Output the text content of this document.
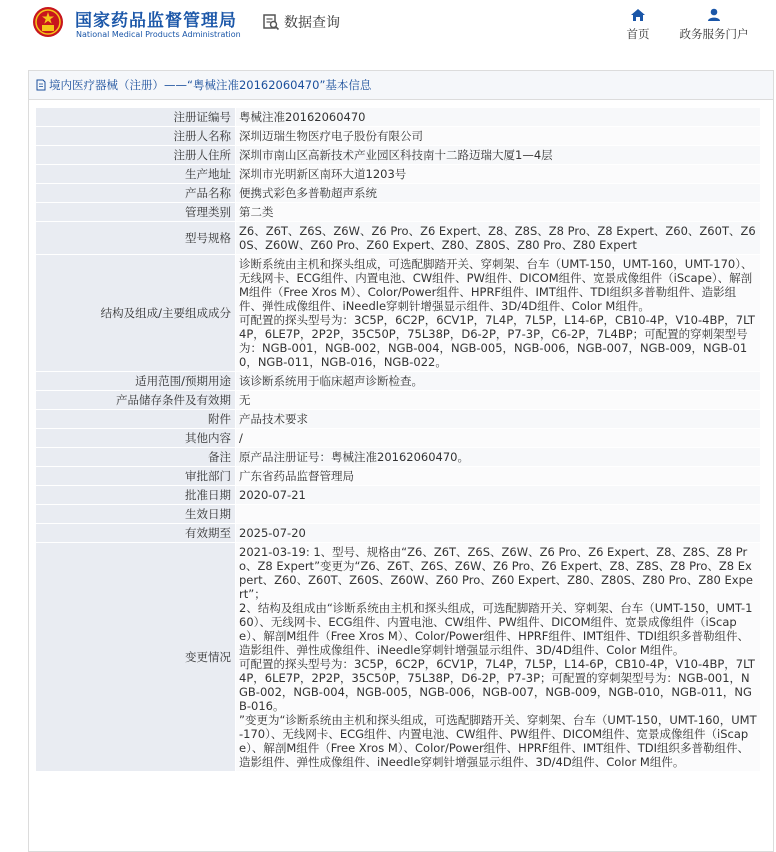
国家药品监督管理局
National Medical Products Administration
数据查询
首页	政务服务门户
境内医疗器械（注册）——“粤械注准20162060470”基本信息
注册证编号	粤械注准20162060470
注册人名称	深圳迈瑞生物医疗电子股份有限公司
注册人住所	深圳市南山区高新技术产业园区科技南十二路迈瑞大厦1—4层
生产地址	深圳市光明新区南环大道1203号
产品名称	便携式彩色多普勒超声系统
管理类别	第二类
型号规格	Z6、Z6T、Z6S、Z6W、Z6 Pro、Z6 Expert、Z8、Z8S、Z8 Pro、Z8 Expert、Z60、Z60T、Z60S、Z60W、Z60 Pro、Z60 Expert、Z80、Z80S、Z80 Pro、Z80 Expert
结构及组成/主要组成成分	诊断系统由主机和探头组成，可选配脚踏开关、穿刺架、台车（UMT-150，UMT-160，UMT-170）、无线网卡、ECG组件、内置电池、CW组件、PW组件、DICOM组件、宽景成像组件（iScape）、解剖M组件（Free Xros M）、Color/Power组件、HPRF组件、IMT组件、TDI组织多普勒组件、造影组件、弹性成像组件、iNeedle穿刺针增强显示组件、3D/4D组件、Color M组件。
可配置的探头型号为：3C5P，6C2P，6CV1P，7L4P，7L5P，L14-6P，CB10-4P，V10-4BP，7LT4P，6LE7P，2P2P，35C50P，75L38P，D6-2P，P7-3P，C6-2P，7L4BP；可配置的穿刺架型号为：NGB-001，NGB-002，NGB-004，NGB-005，NGB-006，NGB-007，NGB-009，NGB-010，NGB-011，NGB-016，NGB-022。
适用范围/预期用途	该诊断系统用于临床超声诊断检查。
产品储存条件及有效期	无
附件	产品技术要求
其他内容	/
备注	原产品注册证号：粤械注准20162060470。
审批部门	广东省药品监督管理局
批准日期	2020-07-21
生效日期	
有效期至	2025-07-20
变更情况	2021-03-19: 1、型号、规格由“Z6、Z6T、Z6S、Z6W、Z6 Pro、Z6 Expert、Z8、Z8S、Z8 Pro、Z8 Expert”变更为“Z6、Z6T、Z6S、Z6W、Z6 Pro、Z6 Expert、Z8、Z8S、Z8 Pro、Z8 Expert、Z60、Z60T、Z60S、Z60W、Z60 Pro、Z60 Expert、Z80、Z80S、Z80 Pro、Z80 Expert”；
2、结构及组成由“诊断系统由主机和探头组成，可选配脚踏开关、穿刺架、台车（UMT-150，UMT-160）、无线网卡、ECG组件、内置电池、CW组件、PW组件、DICOM组件、宽景成像组件（iScape）、解剖M组件（Free Xros M）、Color/Power组件、HPRF组件、IMT组件、TDI组织多普勒组件、造影组件、弹性成像组件、iNeedle穿刺针增强显示组件、3D/4D组件、Color M组件。
可配置的探头型号为：3C5P，6C2P，6CV1P，7L4P，7L5P，L14-6P，CB10-4P，V10-4BP，7LT4P，6LE7P，2P2P，35C50P，75L38P，D6-2P，P7-3P；可配置的穿刺架型号为：NGB-001，NGB-002，NGB-004，NGB-005，NGB-006，NGB-007，NGB-009，NGB-010，NGB-011，NGB-016。
”变更为“诊断系统由主机和探头组成，可选配脚踏开关、穿刺架、台车（UMT-150，UMT-160，UMT-170）、无线网卡、ECG组件、内置电池、CW组件、PW组件、DICOM组件、宽景成像组件（iScape）、解剖M组件（Free Xros M）、Color/Power组件、HPRF组件、IMT组件、TDI组织多普勒组件、造影组件、弹性成像组件、iNeedle穿刺针增强显示组件、3D/4D组件、Color M组件。
